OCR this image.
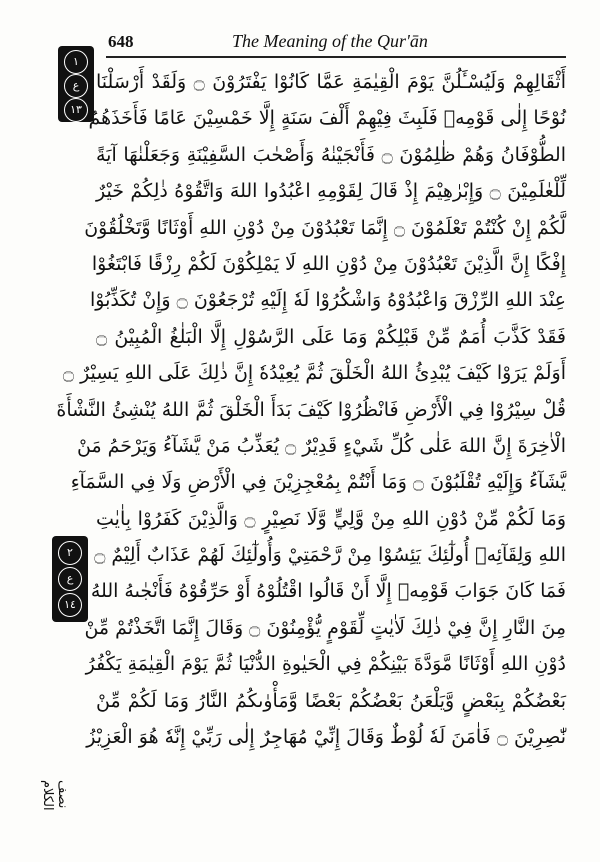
648	The Meaning of the Qur'ān
١
ع
١٣
٢
ع
١٤
نصف الكلام
أَثْقَالِهِمْ وَلَيُسْـَٔلُنَّ يَوْمَ الْقِيٰمَةِ عَمَّا كَانُوْا يَفْتَرُوْنَ ۝ وَلَقَدْ أَرْسَلْنَا
نُوْحًا إِلٰى قَوْمِهٖ فَلَبِثَ فِيْهِمْ أَلْفَ سَنَةٍ إِلَّا خَمْسِيْنَ عَامًا فَأَخَذَهُمُ
الطُّوْفَانُ وَهُمْ ظٰلِمُوْنَ ۝ فَأَنْجَيْنٰهُ وَأَصْحٰبَ السَّفِيْنَةِ وَجَعَلْنٰهَا آيَةً
لِّلْعٰلَمِيْنَ ۝ وَإِبْرٰهِيْمَ إِذْ قَالَ لِقَوْمِهِ اعْبُدُوا اللهَ وَاتَّقُوْهُ ذٰلِكُمْ خَيْرٌ
لَّكُمْ إِنْ كُنْتُمْ تَعْلَمُوْنَ ۝ إِنَّمَا تَعْبُدُوْنَ مِنْ دُوْنِ اللهِ أَوْثَانًا وَّتَخْلُقُوْنَ
إِفْكًا إِنَّ الَّذِيْنَ تَعْبُدُوْنَ مِنْ دُوْنِ اللهِ لَا يَمْلِكُوْنَ لَكُمْ رِزْقًا فَابْتَغُوْا
عِنْدَ اللهِ الرِّزْقَ وَاعْبُدُوْهُ وَاشْكُرُوْا لَهٗ إِلَيْهِ تُرْجَعُوْنَ ۝ وَإِنْ تُكَذِّبُوْا
فَقَدْ كَذَّبَ أُمَمٌ مِّنْ قَبْلِكُمْ وَمَا عَلَى الرَّسُوْلِ إِلَّا الْبَلٰغُ الْمُبِيْنُ ۝
أَوَلَمْ يَرَوْا كَيْفَ يُبْدِئُ اللهُ الْخَلْقَ ثُمَّ يُعِيْدُهٗ إِنَّ ذٰلِكَ عَلَى اللهِ يَسِيْرٌ ۝
قُلْ سِيْرُوْا فِي الْأَرْضِ فَانْظُرُوْا كَيْفَ بَدَأَ الْخَلْقَ ثُمَّ اللهُ يُنْشِئُ النَّشْأَةَ
الْاٰخِرَةَ إِنَّ اللهَ عَلٰى كُلِّ شَيْءٍ قَدِيْرٌ ۝ يُعَذِّبُ مَنْ يَّشَآءُ وَيَرْحَمُ مَنْ
يَّشَآءُ وَإِلَيْهِ تُقْلَبُوْنَ ۝ وَمَا أَنْتُمْ بِمُعْجِزِيْنَ فِي الْأَرْضِ وَلَا فِي السَّمَآءِ
وَمَا لَكُمْ مِّنْ دُوْنِ اللهِ مِنْ وَّلِيٍّ وَّلَا نَصِيْرٍ ۝ وَالَّذِيْنَ كَفَرُوْا بِاٰيٰتِ
اللهِ وَلِقَآئِهٖ أُولٰٓئِكَ يَئِسُوْا مِنْ رَّحْمَتِيْ وَأُولٰٓئِكَ لَهُمْ عَذَابٌ أَلِيْمٌ ۝
فَمَا كَانَ جَوَابَ قَوْمِهٖ إِلَّا أَنْ قَالُوا اقْتُلُوْهُ أَوْ حَرِّقُوْهُ فَأَنْجٰىهُ اللهُ
مِنَ النَّارِ إِنَّ فِيْ ذٰلِكَ لَاٰيٰتٍ لِّقَوْمٍ يُّؤْمِنُوْنَ ۝ وَقَالَ إِنَّمَا اتَّخَذْتُمْ مِّنْ
دُوْنِ اللهِ أَوْثَانًا مَّوَدَّةَ بَيْنِكُمْ فِي الْحَيٰوةِ الدُّنْيَا ثُمَّ يَوْمَ الْقِيٰمَةِ يَكْفُرُ
بَعْضُكُمْ بِبَعْضٍ وَّيَلْعَنُ بَعْضُكُمْ بَعْضًا وَّمَأْوٰىكُمُ النَّارُ وَمَا لَكُمْ مِّنْ
نّٰصِرِيْنَ ۝ فَاٰمَنَ لَهٗ لُوْطٌ وَقَالَ إِنِّيْ مُهَاجِرٌ إِلٰى رَبِّيْ إِنَّهٗ هُوَ الْعَزِيْزُ
